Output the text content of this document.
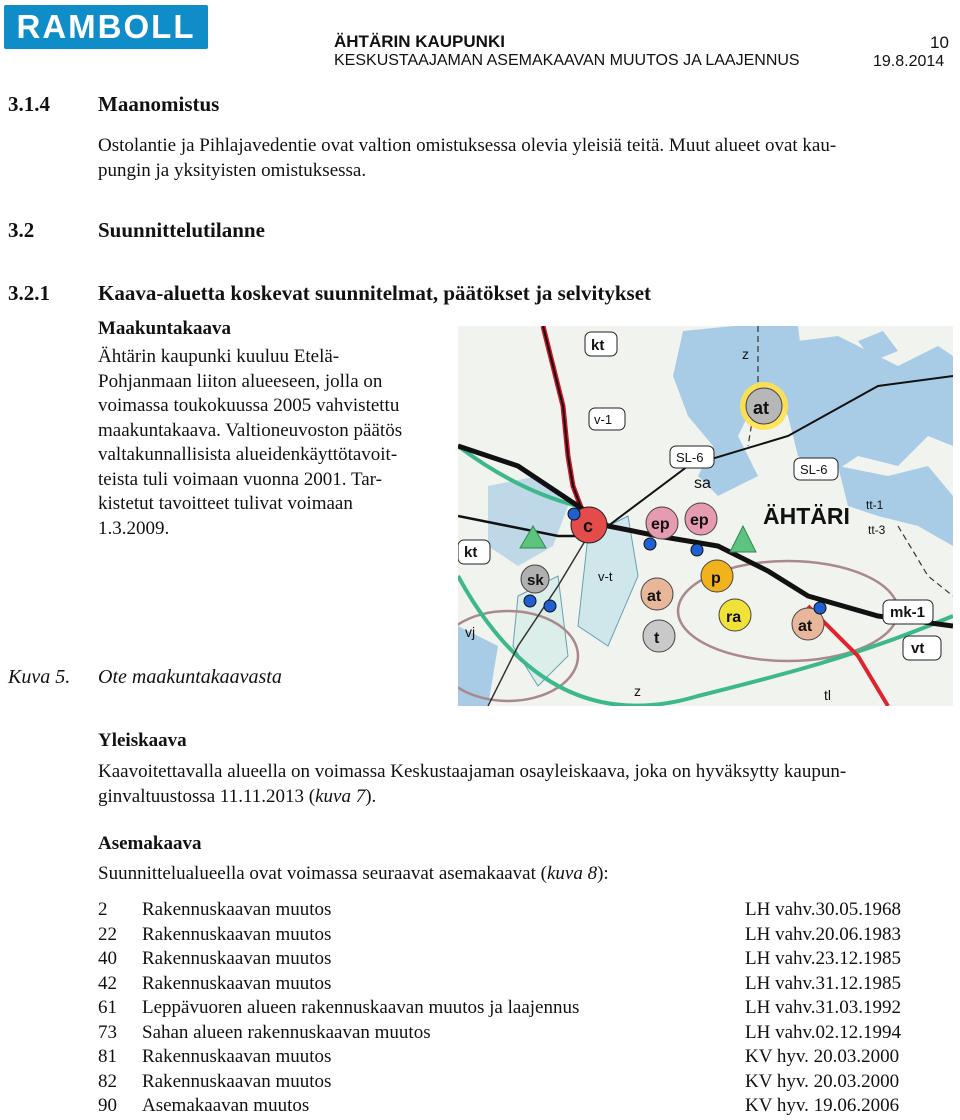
RAMBOLL	ÄHTÄRIN KAUPUNKI
KESKUSTAAJAMAN ASEMAKAAVAN MUUTOS JA LAAJENNUS
10
19.8.2014
3.1.4 Maanomistus
Ostolantie ja Pihlajavedentie ovat valtion omistuksessa olevia yleisiä teitä. Muut alueet ovat kau-
pungin ja yksityisten omistuksessa.
3.2	Suunnittelutilanne
3.2.1 Kaava-aluetta koskevat suunnitelmat, päätökset ja selvitykset
Maakuntakaava
Ähtärin kaupunki kuuluu Etelä-
Pohjanmaan liiton alueeseen, jolla on
voimassa toukokuussa 2005 vahvistettu
maakuntakaava. Valtioneuvoston päätös
valtakunnallisista alueidenkäyttötavoit-
teista tuli voimaan vuonna 2001. Tar-
kistetut tavoitteet tulivat voimaan
1.3.2009.
kt	z
at
v-1
SL-6
SL-6
sa
ÄHTÄRI tt-1
tt-3
c	ep ep
kt
sk	v-t
at
p
ra
at
mk-1
vj	t
z	tl
vt
Kuva 5. Ote maakuntakaavasta
Yleiskaava
Kaavoitettavalla alueella on voimassa Keskustaajaman osayleiskaava, joka on hyväksytty kaupun-
ginvaltuustossa 11.11.2013 (kuva 7).
Asemakaava
Suunnittelualueella ovat voimassa seuraavat asemakaavat (kuva 8):
2 Rakennuskaavan muutos	LH vahv.30.05.1968
22 Rakennuskaavan muutos	LH vahv.20.06.1983
40 Rakennuskaavan muutos	LH vahv.23.12.1985
42 Rakennuskaavan muutos	LH vahv.31.12.1985
61 Leppävuoren alueen rakennuskaavan muutos ja laajennus	LH vahv.31.03.1992
73 Sahan alueen rakennuskaavan muutos	LH vahv.02.12.1994
81 Rakennuskaavan muutos	KV hyv. 20.03.2000
82 Rakennuskaavan muutos	KV hyv. 20.03.2000
90 Asemakaavan muutos	KV hyv. 19.06.2006
